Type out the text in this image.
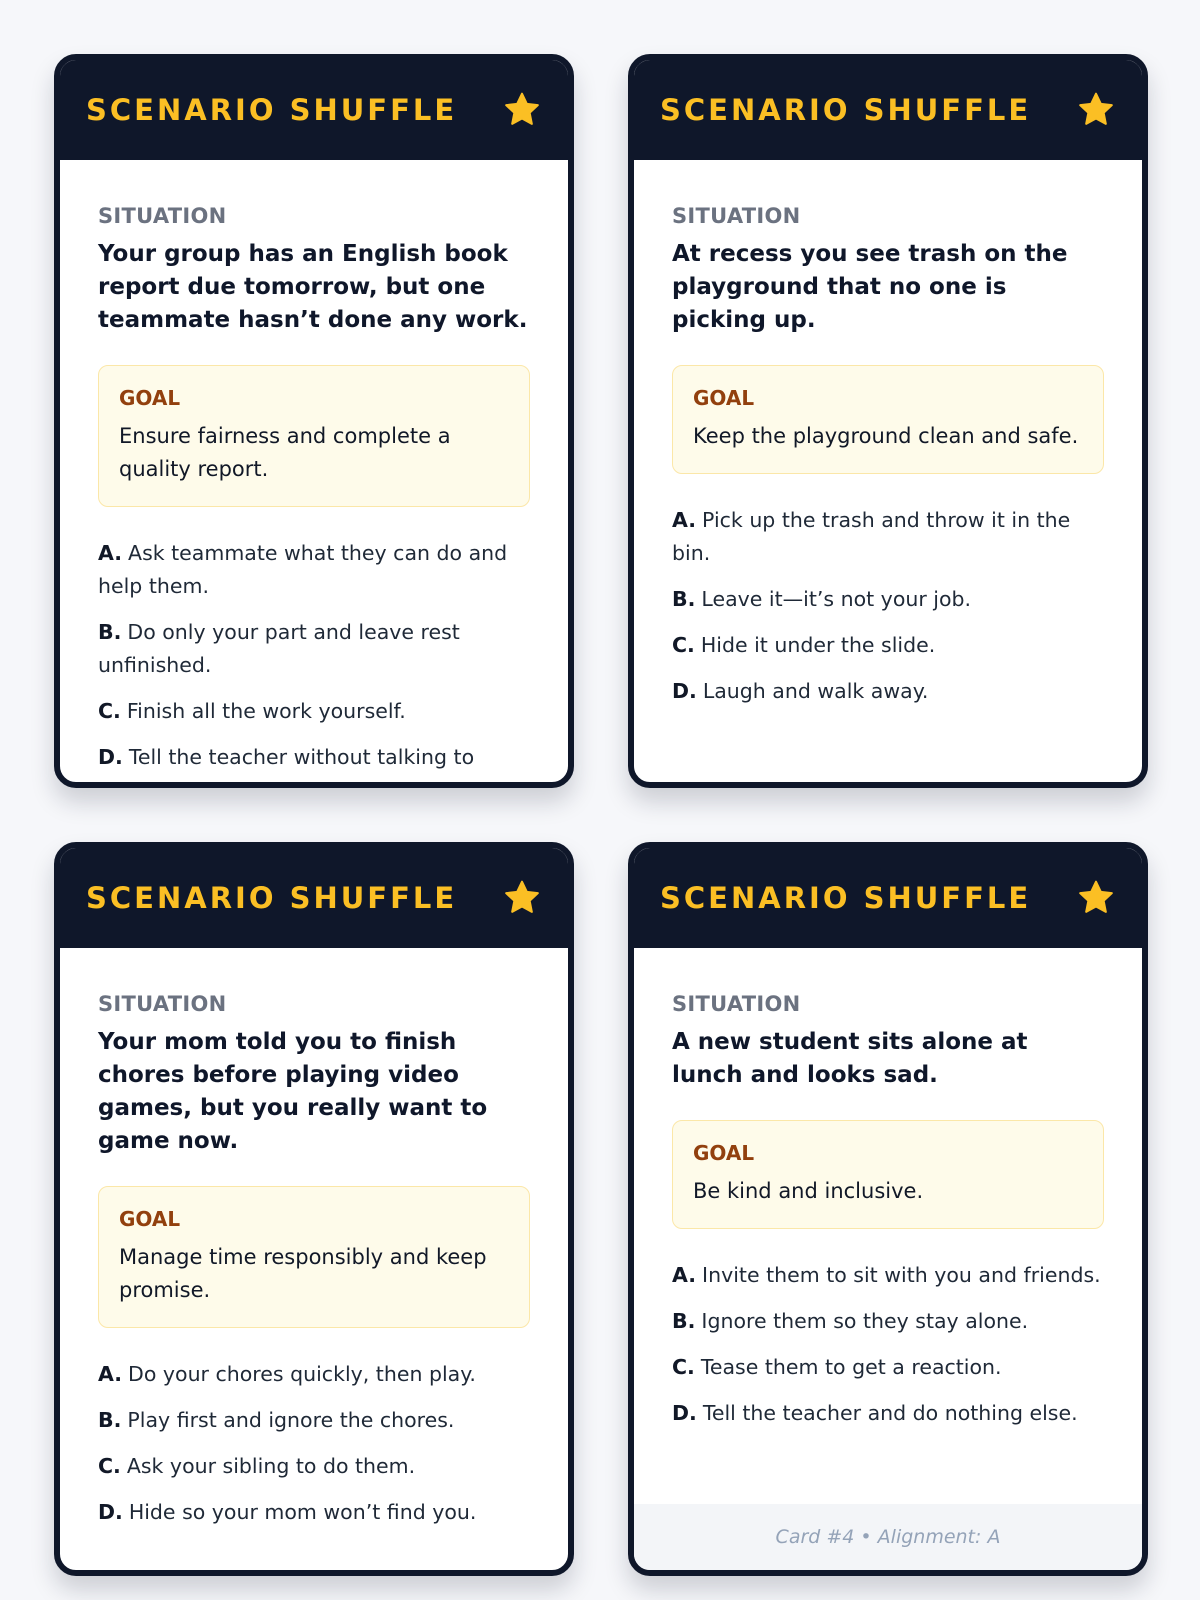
SCENARIO SHUFFLE
SITUATION
Your group has an English book report due tomorrow, but one teammate hasn’t done any work.
GOAL
Ensure fairness and complete a quality report.
A. Ask teammate what they can do and help them.
B. Do only your part and leave rest unfinished.
C. Finish all the work yourself.
D. Tell the teacher without talking to
SCENARIO SHUFFLE
SITUATION
At recess you see trash on the playground that no one is picking up.
GOAL
Keep the playground clean and safe.
A. Pick up the trash and throw it in the bin.
B. Leave it—it’s not your job.
C. Hide it under the slide.
D. Laugh and walk away.
SCENARIO SHUFFLE
SITUATION
Your mom told you to finish chores before playing video games, but you really want to game now.
GOAL
Manage time responsibly and keep promise.
A. Do your chores quickly, then play.
B. Play first and ignore the chores.
C. Ask your sibling to do them.
D. Hide so your mom won’t find you.
SCENARIO SHUFFLE
SITUATION
A new student sits alone at lunch and looks sad.
GOAL
Be kind and inclusive.
A. Invite them to sit with you and friends.
B. Ignore them so they stay alone.
C. Tease them to get a reaction.
D. Tell the teacher and do nothing else.
Card #4 • Alignment: A
